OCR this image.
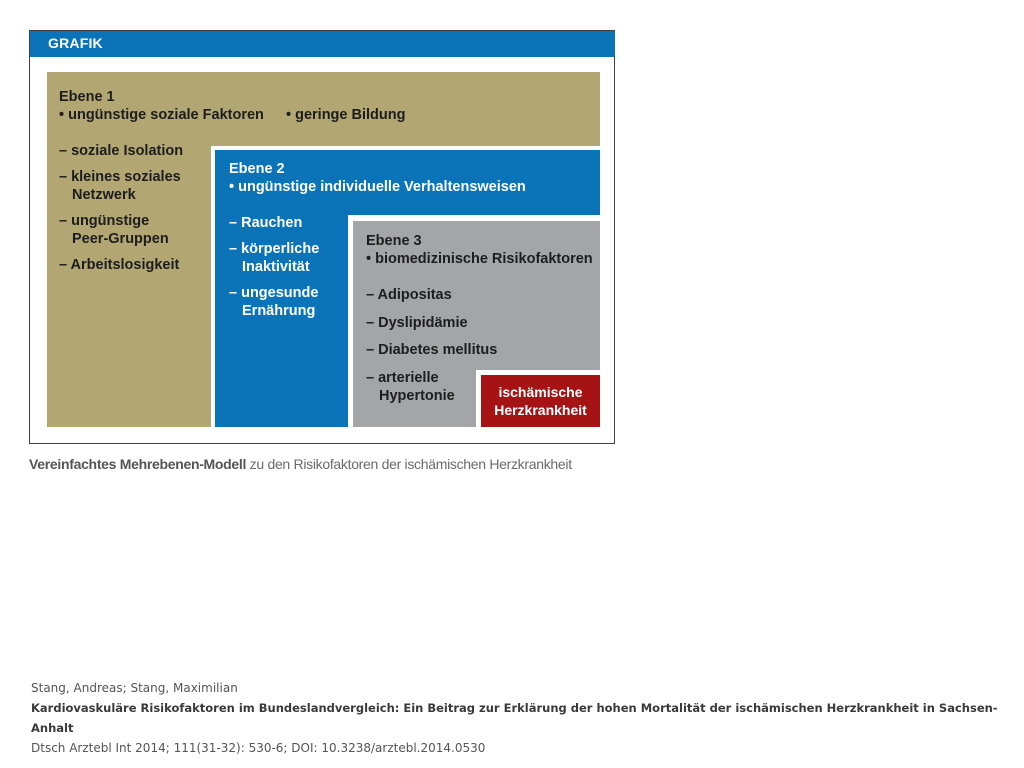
GRAFIK
ischämische
Herzkrankheit
Ebene 1
• ungünstige soziale Faktoren • geringe Bildung
– soziale Isolation
– kleines soziales
Netzwerk
– ungünstige
Peer-Gruppen
– Arbeitslosigkeit
Ebene 2
• ungünstige individuelle Verhaltensweisen
– Rauchen
– körperliche
Inaktivität
– ungesunde
Ernährung
Ebene 3
• biomedizinische Risikofaktoren
– Adipositas
– Dyslipidämie
– Diabetes mellitus
– arterielle
Hypertonie
Vereinfachtes Mehrebenen-Modell zu den Risikofaktoren der ischämischen Herzkrankheit
Stang, Andreas; Stang, Maximilian
Kardiovaskuläre Risikofaktoren im Bundeslandvergleich: Ein Beitrag zur Erklärung der hohen Mortalität der ischämischen Herzkrankheit in Sachsen-Anhalt
Dtsch Arztebl Int 2014; 111(31-32): 530-6; DOI: 10.3238/arztebl.2014.0530
